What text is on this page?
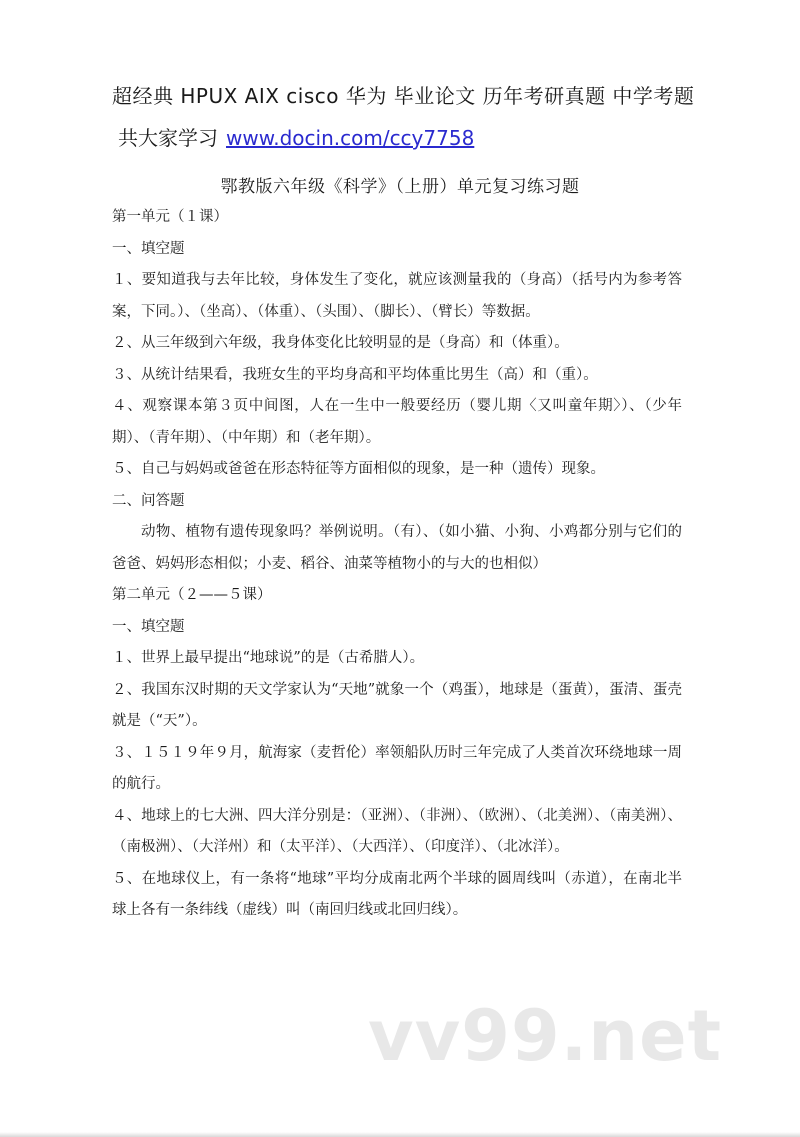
超经典 HPUX AIX cisco 华为 毕业论文 历年考研真题 中学考题
共大家学习 www.docin.com/ccy7758
鄂教版六年级《科学》（上册）单元复习练习题

第一单元（１课）

一、填空题

１、要知道我与去年比较，身体发生了变化，就应该测量我的（身高）（括号内为参考答案，下同。）、（坐高）、（体重）、（头围）、（脚长）、（臂长）等数据。

２、从三年级到六年级，我身体变化比较明显的是（身高）和（体重）。

３、从统计结果看，我班女生的平均身高和平均体重比男生（高）和（重）。

４、观察课本第３页中间图，人在一生中一般要经历（婴儿期〈又叫童年期〉）、（少年期）、（青年期）、（中年期）和（老年期）。

５、自己与妈妈或爸爸在形态特征等方面相似的现象，是一种（遗传）现象。

二、问答题

动物、植物有遗传现象吗？举例说明。（有）、（如小猫、小狗、小鸡都分别与它们的爸爸、妈妈形态相似；小麦、稻谷、油菜等植物小的与大的也相似）

第二单元（２——５课）

一、填空题

１、世界上最早提出“地球说”的是（古希腊人）。

２、我国东汉时期的天文学家认为“天地”就象一个（鸡蛋），地球是（蛋黄），蛋清、蛋壳就是（“天”）。

３、１５１９年９月，航海家（麦哲伦）率领船队历时三年完成了人类首次环绕地球一周的航行。

４、地球上的七大洲、四大洋分别是：（亚洲）、（非洲）、（欧洲）、（北美洲）、（南美洲）、（南极洲）、（大洋州）和（太平洋）、（大西洋）、（印度洋）、（北冰洋）。

５、在地球仪上，有一条将“地球”平均分成南北两个半球的圆周线叫（赤道），在南北半球上各有一条纬线（虚线）叫（南回归线或北回归线）。

vv99.net
